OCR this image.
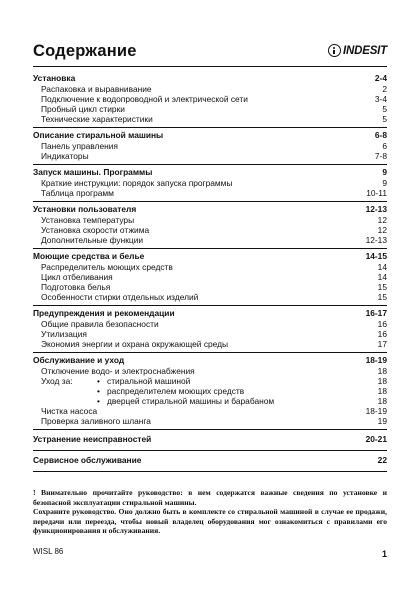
Содержание	INDESIT
Установка	2-4
Распаковка и выравнивание	2
Подключение к водопроводной и электрической сети	3-4
Пробный цикл стирки	5
Технические характеристики	5
Описание стиральной машины	6-8
Панель управления	6
Индикаторы	7-8
Запуск машины. Программы	9
Краткие инструкции: порядок запуска программы	9
Таблица программ	10-11
Установки пользователя	12-13
Установка температуры	12
Установка скорости отжима	12
Дополнительные функции	12-13
Моющие средства и белье	14-15
Распределитель моющих средств	14
Цикл отбеливания	14
Подготовка белья	15
Особенности стирки отдельных изделий	15
Предупреждения и рекомендации	16-17
Общие правила безопасности	16
Утилизация	16
Экономия энергии и охрана окружающей среды	17
Обслуживание и уход	18-19
Отключение водо- и электроснабжения	18
Уход за:	• стиральной машиной	18
• распределителем моющих средств	18
• дверцей стиральной машины и барабаном	18
Чистка насоса	18-19
Проверка заливного шланга	19
Устранение неисправностей	20-21
Сервисное обслуживание	22

! Внимательно прочитайте руководство: в нем содержатся важные сведения по установке и безопасной эксплуатации стиральной машины.

Сохраните руководство. Оно должно быть в комплекте со стиральной машиной в случае ее продажи, передачи или переезда, чтобы новый владелец оборудования мог ознакомиться с правилами его функционирования и обслуживания.

WISL 86	1
